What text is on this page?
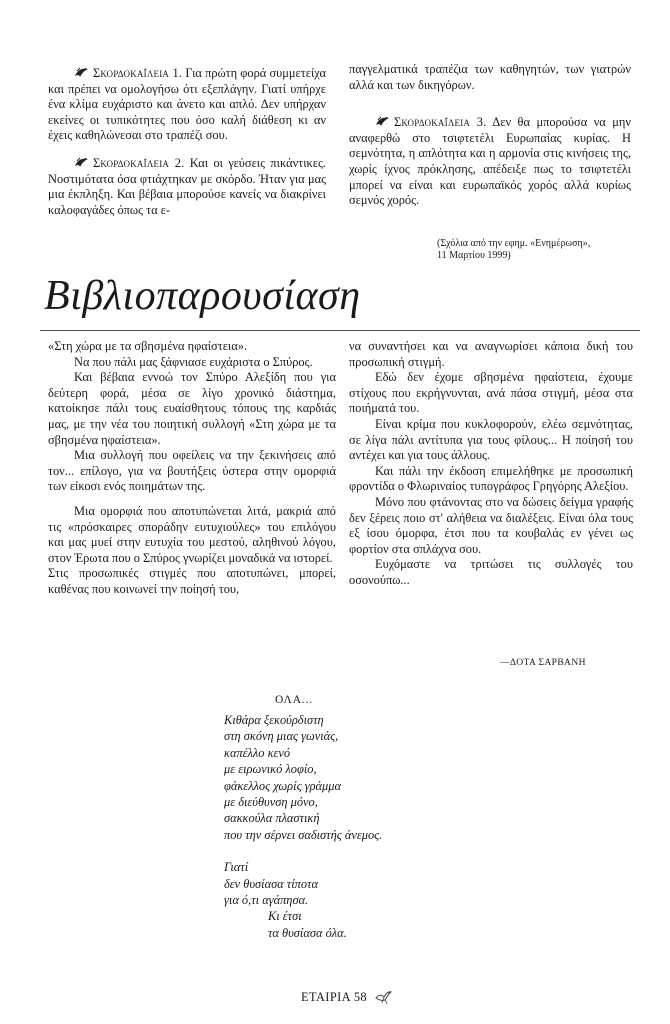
Σκορδοκαΐλεια 1. Για πρώτη φορά συμμετείχα και πρέπει να ομολογήσω ότι εξεπλάγην. Γιατί υπήρχε ένα κλίμα ευχάριστο και άνετο και απλό. Δεν υπήρχαν εκείνες οι τυπικότητες που όσο καλή διάθεση κι αν έχεις καθηλώνεσαι στο τραπέζι σου.

Σκορδοκαΐλεια 2. Και οι γεύσεις πικάντικες. Νοστιμότατα όσα φτιάχτηκαν με σκόρδο. Ήταν για μας μια έκπληξη. Και βέβαια μπορούσε κανείς να διακρίνει καλοφαγάδες όπως τα ε-

παγγελματικά τραπέζια των καθηγητών, των γιατρών αλλά και των δικηγόρων.

Σκορδοκαΐλεια 3. Δεν θα μπορούσα να μην αναφερθώ στο τσιφτετέλι Ευρωπαίας κυρίας. Η σεμνότητα, η απλότητα και η αρμονία στις κινήσεις της, χωρίς ίχνος πρόκλησης, απέδειξε πως το τσιφτετέλι μπορεί να είναι και ευρωπαϊκός χορός αλλά κυρίως σεμνός χορός.

(Σχόλια από την εφημ. «Ενημέρωση»,
11 Μαρτίου 1999)
Βιβλιοπαρουσίαση

«Στη χώρα με τα σβησμένα ηφαίστεια».

Να που πάλι μας ξάφνιασε ευχάριστα ο Σπύρος.

Και βέβαια εννοώ τον Σπύρο Αλεξίδη που για δεύτερη φορά, μέσα σε λίγο χρονικό διάστημα, κατοίκησε πάλι τους ευαίσθητους τόπους της καρδιάς μας, με την νέα του ποιητική συλλογή «Στη χώρα με τα σβησμένα ηφαίστεια».

Μια συλλογή που οφείλεις να την ξεκινήσεις από τον... επίλογο, για να βουτήξεις ύστερα στην ομορφιά των είκοσι ενός ποιημάτων της.

Μια ομορφιά που αποτυπώνεται λιτά, μακριά από τις «πρόσκαιρες σποράδην ευτυχιούλες» του επιλόγου και μας μυεί στην ευτυχία του μεστού, αληθινού λόγου, στον Έρωτα που ο Σπύρος γνωρίζει μοναδικά να ιστορεί.

Στις προσωπικές στιγμές που αποτυπώνει, μπορεί, καθένας που κοινωνεί την ποίησή του,

να συναντήσει και να αναγνωρίσει κάποια δική του προσωπική στιγμή.

Εδώ δεν έχομε σβησμένα ηφαίστεια, έχουμε στίχους που εκρήγνυνται, ανά πάσα στιγμή, μέσα στα ποιήματά του.

Είναι κρίμα που κυκλοφορούν, ελέω σεμνότητας, σε λίγα πάλι αντίτυπα για τους φίλους... Η ποίησή του αντέχει και για τους άλλους.

Και πάλι την έκδοση επιμελήθηκε με προσωπική φροντίδα ο Φλωριναίος τυπογράφος Γρηγόρης Αλεξίου.

Μόνο που φτάνοντας στο να δώσεις δείγμα γραφής δεν ξέρεις ποιο στ' αλήθεια να διαλέξεις. Είναι όλα τους εξ ίσου όμορφα, έτσι που τα κουβαλάς εν γένει ως φορτίον στα σπλάχνα σου.

Ευχόμαστε να τριτώσει τις συλλογές του οσονούπω...

—ΔΟΤΑ ΣΑΡΒΑΝΗ
ΟΛΑ...
Κιθάρα ξεκούρδιστη
στη σκόνη μιας γωνιάς,
καπέλλο κενό
με ειρωνικό λοφίο,
φάκελλος χωρίς γράμμα
με διεύθυνση μόνο,
σακκούλα πλαστική
που την σέρνει σαδιστής άνεμος.
Γιατί
δεν θυσίασα τίποτα
για ό,τι αγάπησα.
Κι έτσι
τα θυσίασα όλα.
ΕΤΑΙΡΙΑ 58
